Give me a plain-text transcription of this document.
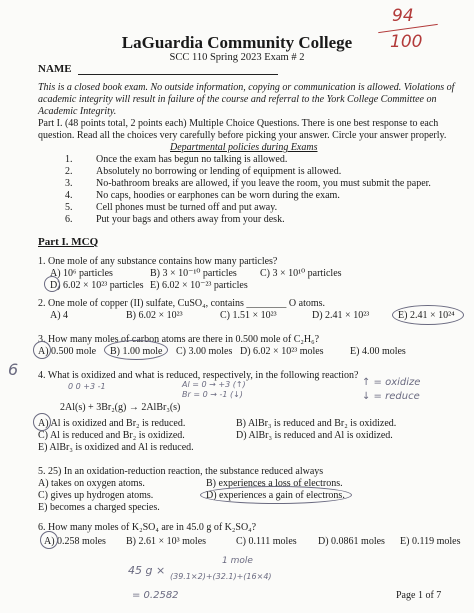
94
100
LaGuardia Community College
SCC 110 Spring 2023 Exam # 2
NAME
This is a closed book exam. No outside information, copying or communication is allowed. Violations of
academic integrity will result in failure of the course and referral to the York College Committee on
Academic Integrity.
Part I. (48 points total, 2 points each) Multiple Choice Questions. There is one best response to each
question. Read all the choices very carefully before picking your answer. Circle your answer properly.
Departmental policies during Exams
1. Once the exam has begun no talking is allowed.
2. Absolutely no borrowing or lending of equipment is allowed.
3. No-bathroom breaks are allowed, if you leave the room, you must submit the paper.
4. No caps, hoodies or earphones can be worn during the exam.
5. Cell phones must be turned off and put away.
6. Put your bags and others away from your desk.
Part I. MCQ
1. One mole of any substance contains how many particles?
A) 10⁶ particles	B) 3 × 10⁻¹⁰ particles C) 3 × 10¹⁰ particles
D) 6.02 × 10²³ particles E) 6.02 × 10⁻²³ particles
2. One mole of copper (II) sulfate, CuSO₄, contains ________ O atoms.
A) 4	B) 6.02 × 10²³	C) 1.51 × 10²³	D) 2.41 × 10²³	E) 2.41 × 10²⁴
3. How many moles of carbon atoms are there in 0.500 mole of C₂H₆?
A) 0.500 mole B) 1.00 mole C) 3.00 moles D) 6.02 × 10²³ moles	E) 4.00 moles
6 4. What is oxidized and what is reduced, respectively, in the following reaction?
0 0 +3 -1	Al = 0 → +3 (↑)
Br = 0 → -1 (↓)
↑ = oxidize
↓ = reduce
2Al(s) + 3Br₂(g) → 2AlBr₃(s)
A) Al is oxidized and Br₂ is reduced.	B) AlBr₃ is reduced and Br₂ is oxidized.
C) Al is reduced and Br₂ is oxidized.	D) AlBr₃ is reduced and Al is oxidized.
E) AlBr₃ is oxidized and Al is reduced.
5. 25) In an oxidation-reduction reaction, the substance reduced always
A) takes on oxygen atoms.	B) experiences a loss of electrons.
C) gives up hydrogen atoms.	D) experiences a gain of electrons.
E) becomes a charged species.
6. How many moles of K₂SO₄ are in 45.0 g of K₂SO₄?
A) 0.258 moles B) 2.61 × 10³ moles	C) 0.111 moles D) 0.0861 moles E) 0.119 moles
45 g ×
1 mole
(39.1×2)+(32.1)+(16×4)
= 0.2582	Page 1 of 7
